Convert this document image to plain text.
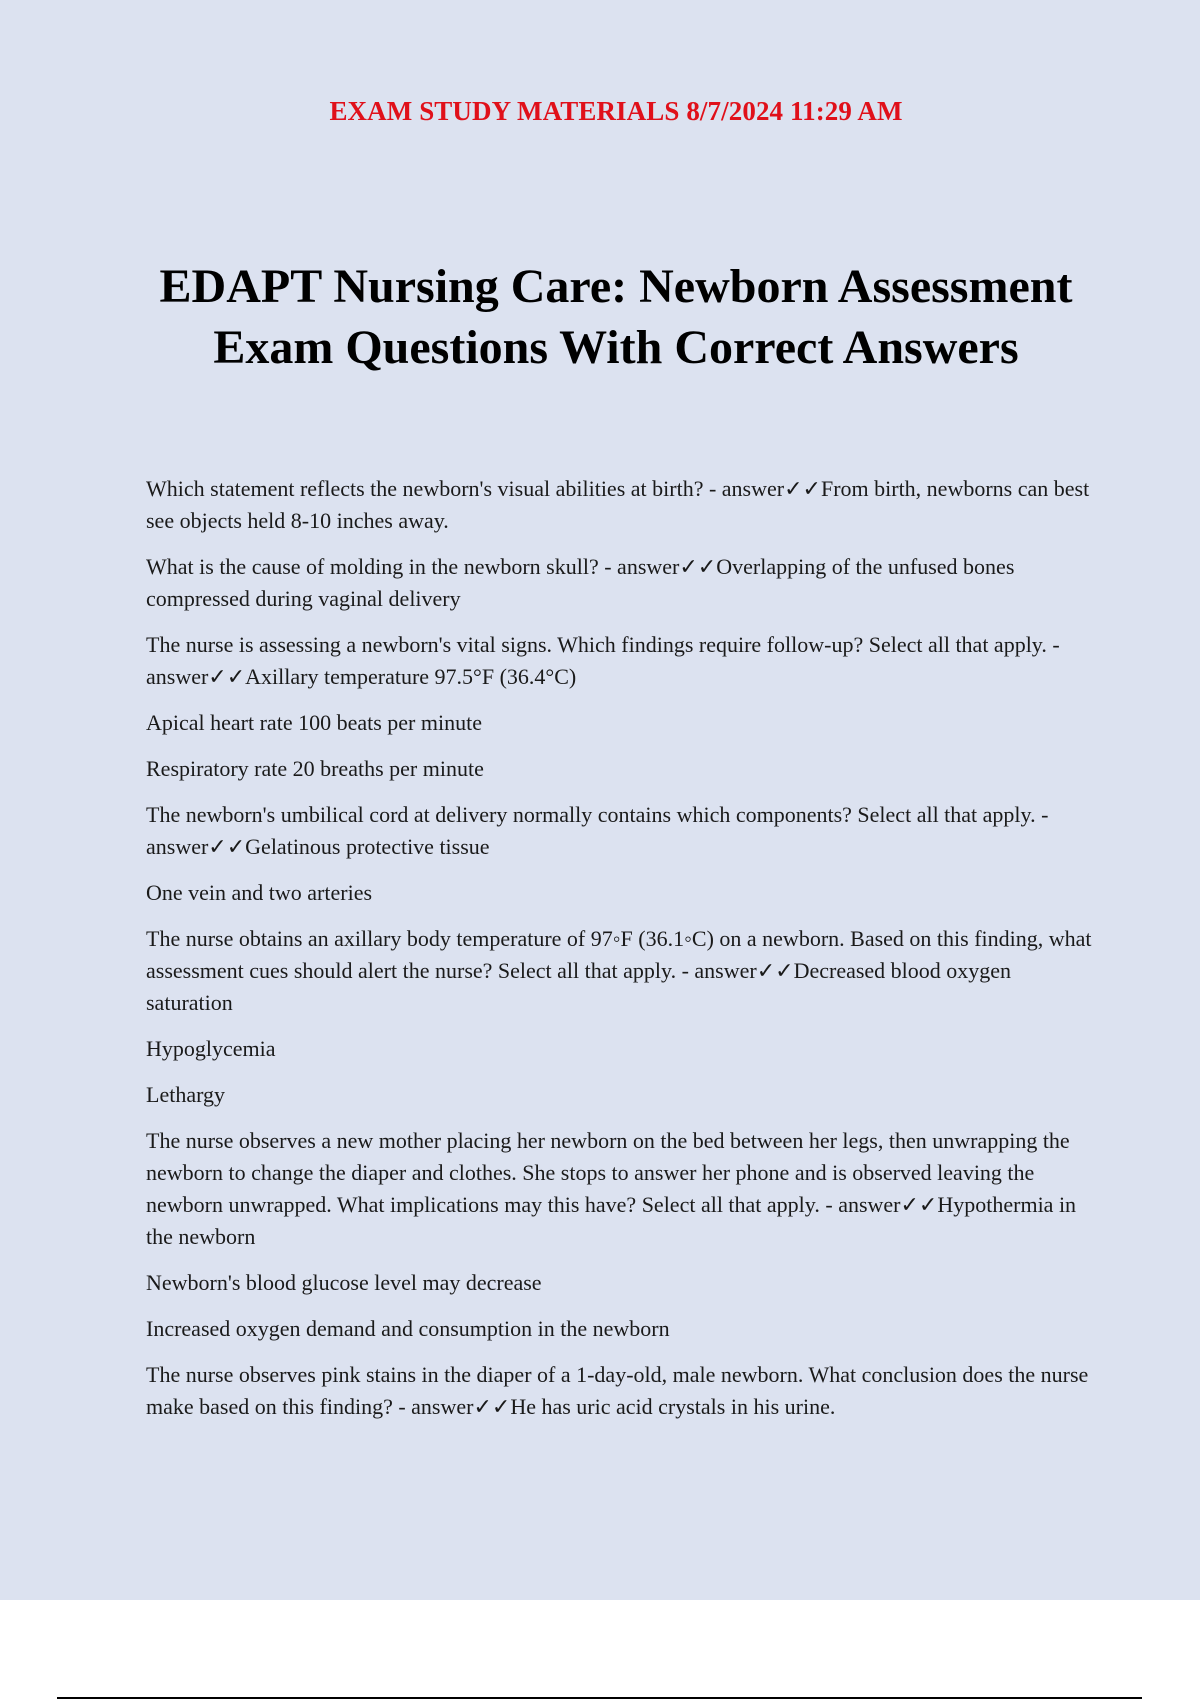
EXAM STUDY MATERIALS 8/7/2024 11:29 AM
EDAPT Nursing Care: Newborn Assessment
Exam Questions With Correct Answers

Which statement reflects the newborn's visual abilities at birth? - answer✓✓From birth, newborns can best see objects held 8-10 inches away.

What is the cause of molding in the newborn skull? - answer✓✓Overlapping of the unfused bones compressed during vaginal delivery

The nurse is assessing a newborn's vital signs. Which findings require follow-up? Select all that apply. - answer✓✓Axillary temperature 97.5°F (36.4°C)

Apical heart rate 100 beats per minute

Respiratory rate 20 breaths per minute

The newborn's umbilical cord at delivery normally contains which components? Select all that apply. - answer✓✓Gelatinous protective tissue

One vein and two arteries

The nurse obtains an axillary body temperature of 97◦F (36.1◦C) on a newborn. Based on this finding, what assessment cues should alert the nurse? Select all that apply. - answer✓✓Decreased blood oxygen saturation

Hypoglycemia

Lethargy

The nurse observes a new mother placing her newborn on the bed between her legs, then unwrapping the newborn to change the diaper and clothes. She stops to answer her phone and is observed leaving the newborn unwrapped. What implications may this have? Select all that apply. - answer✓✓Hypothermia in the newborn

Newborn's blood glucose level may decrease

Increased oxygen demand and consumption in the newborn

The nurse observes pink stains in the diaper of a 1-day-old, male newborn. What conclusion does the nurse make based on this finding? - answer✓✓He has uric acid crystals in his urine.
